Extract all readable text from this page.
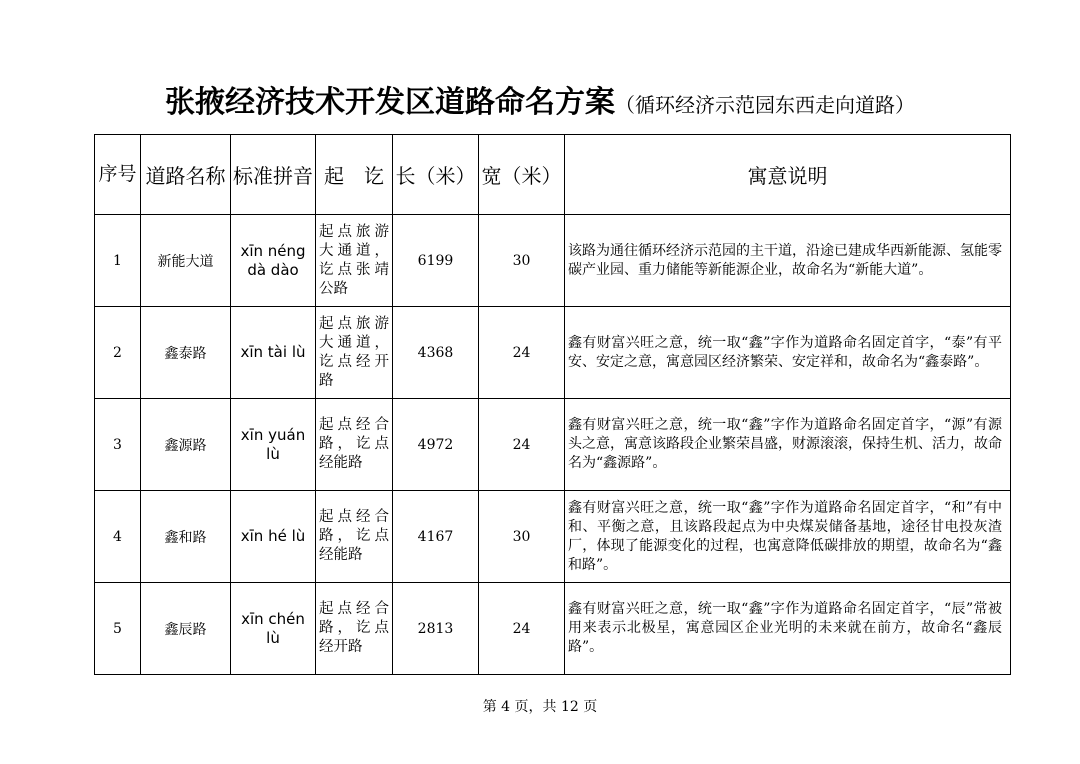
张掖经济技术开发区道路命名方案（循环经济示范园东西走向道路）
序号	道路名称	标准拼音	起　讫	长（米）	宽（米）	寓意说明
1	新能大道	xīn néng dà dào	起点旅游大通道，讫点张靖公路	6199	30	该路为通往循环经济示范园的主干道，沿途已建成华西新能源、氢能零碳产业园、重力储能等新能源企业，故命名为“新能大道”。
2	鑫泰路	xīn tài lù	起点旅游大通道，讫点经开路	4368	24	鑫有财富兴旺之意，统一取“鑫”字作为道路命名固定首字，“泰”有平安、安定之意，寓意园区经济繁荣、安定祥和，故命名为“鑫泰路”。
3	鑫源路	xīn yuán lù	起点经合路，讫点经能路	4972	24	鑫有财富兴旺之意，统一取“鑫”字作为道路命名固定首字，“源”有源头之意，寓意该路段企业繁荣昌盛，财源滚滚，保持生机、活力，故命名为“鑫源路”。
4	鑫和路	xīn hé lù	起点经合路，讫点经能路	4167	30	鑫有财富兴旺之意，统一取“鑫”字作为道路命名固定首字，“和”有中和、平衡之意，且该路段起点为中央煤炭储备基地，途径甘电投灰渣厂，体现了能源变化的过程，也寓意降低碳排放的期望，故命名为“鑫和路”。
5	鑫辰路	xīn chén lù	起点经合路，讫点经开路	2813	24	鑫有财富兴旺之意，统一取“鑫”字作为道路命名固定首字，“辰”常被用来表示北极星，寓意园区企业光明的未来就在前方，故命名“鑫辰路”。
第 4 页，共 12 页
